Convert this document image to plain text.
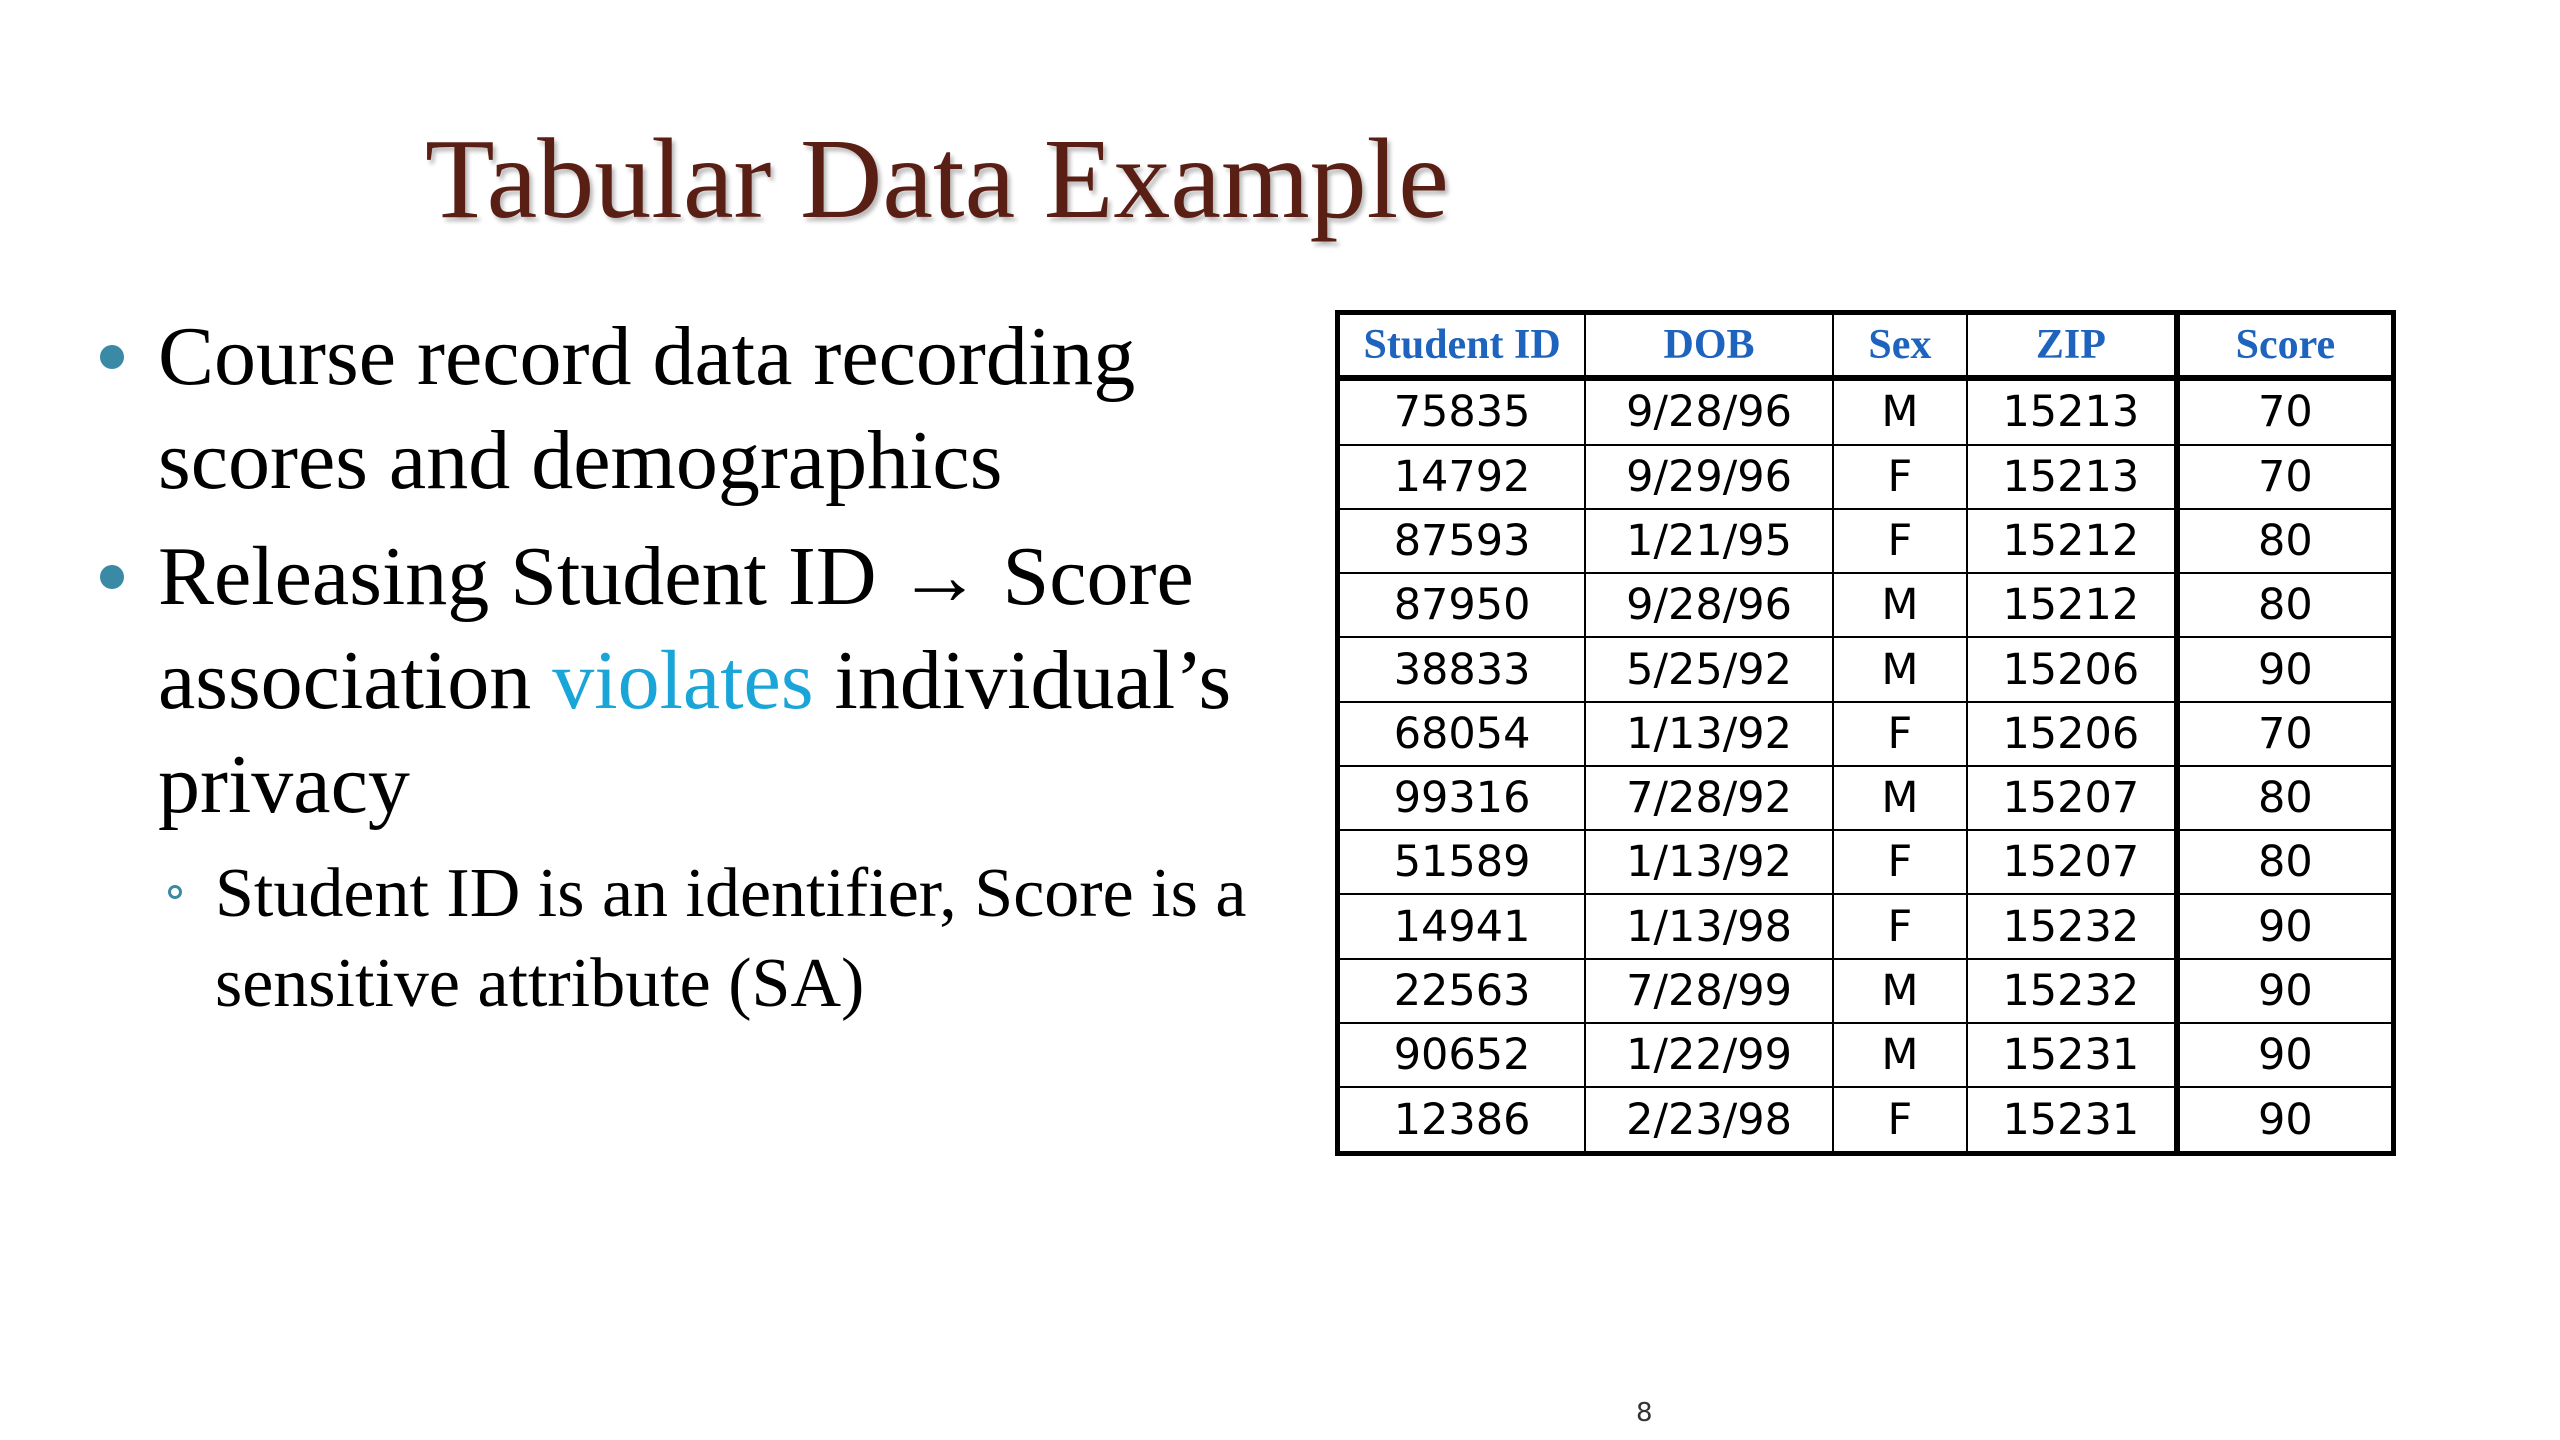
Tabular Data Example
Course record data recording scores and demographics
Releasing Student ID → Score association violates individual’s privacy
Student ID is an identifier, Score is a sensitive attribute (SA)
Student ID	DOB	Sex	ZIP	Score
75835	9/28/96	M	15213	70
14792	9/29/96	F	15213	70
87593	1/21/95	F	15212	80
87950	9/28/96	M	15212	80
38833	5/25/92	M	15206	90
68054	1/13/92	F	15206	70
99316	7/28/92	M	15207	80
51589	1/13/92	F	15207	80
14941	1/13/98	F	15232	90
22563	7/28/99	M	15232	90
90652	1/22/99	M	15231	90
12386	2/23/98	F	15231	90
8
